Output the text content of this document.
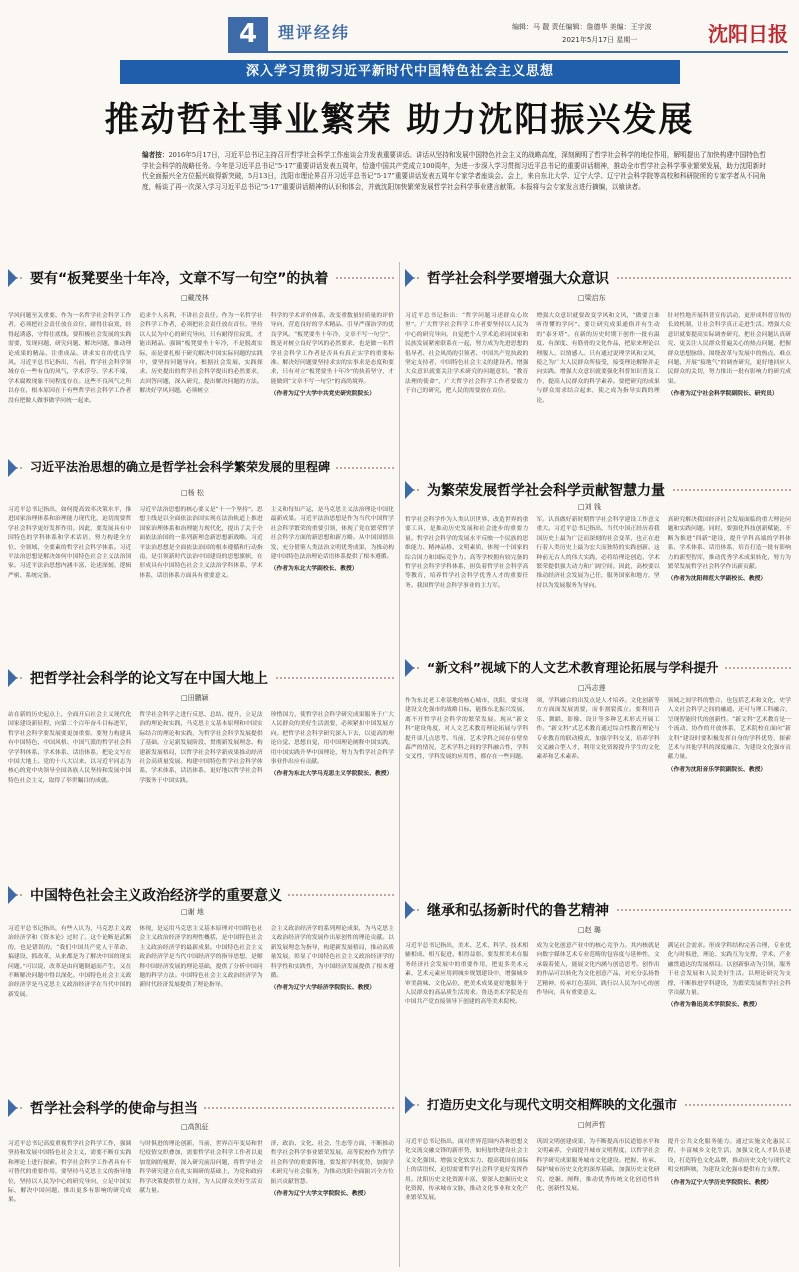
4	理评经纬	编辑：马 靓 责任编辑：詹德华 美编：王宇波
2021年5月17日 星期一	沈阳日报
深入学习贯彻习近平新时代中国特色社会主义思想
推动哲社事业繁荣 助力沈阳振兴发展
编者按：2016年5月17日，习近平总书记主持召开哲学社会科学工作座谈会并发表重要讲话。讲话从坚持和发展中国特色社会主义的战略高度，深刻阐明了哲学社会科学的地位作用，解明提出了加快构建中国特色哲学社会科学的战略任务。今年是习近平总书记“5·17”重要讲话发表五周年，恰逢中国共产党成立100周年，为进一步深入学习贯彻习近平总书记的重要讲话精神，推动全市哲学社会科学事业繁荣发展，助力沈阳新时代全面振兴全方位振兴取得新突破，5月13日，沈阳市理论界召开习近平总书记“5·17”重要讲话发表五周年专家学者座谈会。会上，来自东北大学、辽宁大学、辽宁社会科学院等高校和科研院所的专家学者从不同角度，畅谈了再一次深入学习习近平总书记“5·17”重要讲话精神的认识和体会，并就沈阳加快繁荣发展哲学社会科学事业建言献策。本报将与会专家发言进行摘编，以飨读者。
要有“板凳要坐十年冷，文章不写一句空”的执着
□戴茂林
学风问题至关重要。作为一名哲学社会科学工作者，必须把社会责任放在首位，耐得住寂寞，经得起诱惑，守得住底线。要积极社会发展的实践需要，发现问题、研究问题、解决问题，推动理论成果的精品、注重成品、讲求实在的优良学风。习近平总书记指出，当前，哲学社会科学领域存在一些有良的风气，学术浮夸、学术不端，学术腐败现象不同程度存在。这些不良风气之所以存在，根本原因在于有些哲学社会科学工作者没有把做人做事做学问统一起来。
追求个人名利，不讲社会责任。作为一名哲学社会科学工作者，必须把社会责任放在首位。坚持以人民为中心的研究导向，只有耐得住寂寞，才能出精品。强调“板凳要坐十年冷，不是脱离实际，而是要扎根于研究解决中国实际问题的实践中，要坚持问题导向。根据社会发展、实践探求、历史提出的哲学社会科学提出的必然要求，去回答问题，深入研究，提出解决问题的方法。解决好学风问题，必须树立
科学的学术评价体系，改变重数量轻质量的评价导向，营造良好的学术精品、引导严谨治学的优良学风。“板凳要坐十年冷，文章不写一句空”，既是对树立良好学风的必然要求，也是做一名哲学社会科学工作者是否具有真正实学的重要标准。解决好问题要坚持求实的实事求是态度和要求，只有对立“板凳要坐十年冷”的执着坚守，才能做到“文章不写一句空”的高尚境界。
（作者为辽宁大学中共党史研究院院长）
哲学社会科学要增强大众意识
□梁启东
习近平总书记指出：“哲学问题习述群众心坎里”。广大哲学社会科学工作者要坚持以人民为中心的研究导向，自觉把个人学术追求同国家和民族发展紧密联系在一起，努力成为先进思想的倡导者、社会风尚的引领者、中国共产党执政的坚定支持者，中国特色社会主义的建设者。增强大众意识就要关注学术研究的问题意识。“教育法理的使命”，广大哲学社会科学工作者要致力于自己的研究，把人民的需要放在首位。
增强大众意识就要改变学风和文风，“做要言谁听得懂的学问”。要让研究成果通俗并有生动的“泰牙塔”。在新的历史时期下创作一批有温度、有深度、有筋骨的文化作品，把原来理论以理服人、以情感人。只有通过说理学风和文风，使之为广大人民群众所接受，接受理论解释并走向实践。增强大众意识就要强化科普知识普及工作，提高人民群众的科学素养。要把研究的成果与群众需求结合起来，使之成为指导实践的理论。
针对性地开展科普宣传活动，更形成科普宣传的长效机制，让社会科学真正走进生活。增强大众意识就要提高实际调查研究，把社会问题认真研究、更关注人民群众普遍关心的热点问题，把握群众思想脉络。围绕改革与发展中的热点、难点问题，开展“接地气”的调查研究，更好地回应人民群众的关切，努力推出一批有影响力的研究成果。
（作者为辽宁社会科学院副院长、研究员）
习近平法治思想的确立是哲学社会科学繁荣发展的里程碑
□杨 松
习近平总书记指出，如何提高效率决策水平，推进国家治理体系和治理能力现代化，迫切需要哲学社会科学更好发挥作用。因此，要发展具有中国特色的学科体系和学术话语，努力构建全方位、全领域、全要素的哲学社会科学体系。习近平法治思想是解决如何中国特色社会主义法治国家。习近平法治思想内涵丰富、论述深刻、逻辑严密、系统完备。
习近平法治思想的核心要义是“十一个坚持”。思想主线是以全面依法治国实现在法治轨道上推进国家治理体系和治理能力现代化，提出了关于全面依法治国的一系列新理念新思想新战略。习近平法治思想是全面依法治国的根本遵循和行动指南，是引领新时代法治中国建设的思想旗帜，在形成具有中国特色社会主义法治学科体系，学术体系，话语体系方面具有重要意义。
主义和每知产运，是马克思主义法治理论中国化最新成果。习近平法治思想是作为当代中国哲学社会科学繁荣的重要引领，体现了党在繁荣哲学社会科学方面的新思想和新方略。从中国国情出发，充分借鉴人类法治文明优秀成果，为推动构建中国特色法治理论话语体系提供了根本遵循。
（作者为东北大学副校长、教授）
为繁荣发展哲学社会科学贡献智慧力量
□刘 钱
哲学社会科学作为人类认识世界、改造世界的重要工具，是推动历史发展和社会进步的重要力量。哲学社会科学的发展水平反映一个民族的思维能力、精神品格、文明素质，体现一个国家的综合国力和国际竞争力。高等学校拥有较完备的哲学社会科学学科体系，担负着哲学社会科学高等教育，培养哲学社会科学优秀人才的重要任务。我国哲学社会科学事业的主力军。
军。认真做好新时期哲学社会科学建设工作意义重大。习近平总书记指出，当代中国正经历着我国历史上最为广泛而深刻的社会变革，也正在进行着人类历史上最为宏大而独特的实践创新。这种前无古人的伟大实践，必将给理论创造、学术繁荣提供强大动力和广阔空间。因此，高校要以推动经济社会发展为己任，服务国家和地方，坚持以为发展服务为导向。
真研究解决我国经济社会发展面临的重大理论问题和实践问题。同时，要强化科技创新赋能，不断为推进“四新”建设，提升学科高端的学科体系、学术体系、话语体系，培育打造一批有影响力的新型智库，推动优秀学术成果转化，努力为繁荣发展哲学社会科学作出新贡献。
（作者为沈阳师范大学副校长、教授）
把哲学社会科学的论文写在中国大地上
□田鹏颖
站在新的历史起点上，全面开启社会主义现代化国家建设新征程，向第二个百年奋斗目标进军，哲学社会科学要发展要更加重要。要努力构建具有中国特色、中国风格、中国气派的哲学社会科学学科体系、学术体系、话语体系，把论文写在中国大地上。党的十八大以来，以习近平同志为核心的党中央领导全国各族人民坚持和发展中国特色社会主义，取得了举世瞩目的成就。
哲学社会科学之进行反思、总结、提升，立足法治的理论和实践，马克思主义基本原理和中国实际结合的理论和实践，为哲学社会科学发展提供了基础。立足新发展阶段、贯彻新发展理念、构建新发展格局，以哲学社会科学新成果推动经济社会高质量发展。构建中国特色哲学社会科学体系，学术体系，话语体系，更好地以哲学社会科学服务于中国实践。
珍惜国力，使哲学社会科学研究成果服务于广大人民群众的美好生活需要，必须紧扣中国发展方向。把哲学社会科学研究深入下去，以更高的理论自觉、思想自觉，用中国理论阐释中国实践，用中国实践升华中国理论，努力为哲学社会科学事业作出应有贡献。
（作者为东北大学马克思主义学院院长、教授）
“新文科”视域下的人文艺术教育理论拓展与学科提升
□冯志莲
作为东北老工业基地的核心城市，沈阳，要实现建设文化强市的战略目标，能推东北振兴发展，离不开哲学社会科学的繁荣发展。现从“新文科”建设角度，对人文艺术教育理论拓展与学科提升谈几点思考。当前，艺术学科之间存在壁垒森严的情况，艺术学科之间的学科融合性，学科交叉性，学科发展的应用性，都存在一些问题。
须，学科融合的出发点是人才培养。文化创新等方方面面发展需要，而非割裂孤立。要利用音乐、舞蹈、影像、设计等多种艺术形式开展工作。“新文科”式艺术教育通过综合性教育理论与专业教育的联动模式，加强学科交叉，培养学科交叉融合型人才，利用文化资源提升学生的文化素养和艺术素养。
领域之间学科的整合，也包括艺术和文化、史学人文社会科学之间的融通，还可与理工科融合，呈现智能时代的创新性。“新文科”艺术教育是一个流动、协作的开放体系，艺术院校在面向“新文科”建设时要积极发挥自身的学科优势，探索艺术与其他学科的深度融合，为建设文化强市贡献力量。
（作者为沈阳音乐学院副院长、教授）
中国特色社会主义政治经济学的重要意义
□谢 地
习近平总书记指出，有些人认为，马克思主义政治经济学和《资本论》过时了。这个论断是武断的，也是错误的。“我们中国共产党人干革命、搞建设、抓改革，从来都是为了解决中国的现实问题。”可以说，改革是由问题倒逼而产生，又在不断解决问题中得以深化。中国特色社会主义政治经济学是马克思主义政治经济学在当代中国的新发展。
体现，是运用马克思主义基本原理对中国特色社会主义政治经济学的理性概括，是中国特色社会主义政治经济学的最新成果。中国特色社会主义政治经济学是当代中国经济学的指导思想，是解释中国经济发展的理论基础，提供了分析中国问题的科学方法。中国特色社会主义政治经济学为新时代经济发展提供了理论指导。
会主义政治经济学的系列理论成果，为马克思主义政治经济学的发展作出原创性的理论贡献。以新发展理念为指导，构建新发展格局，推动高质量发展，彰显了中国特色社会主义政治经济学的科学性和实践性，为中国经济发展提供了根本遵循。
（作者为辽宁大学经济学院院长、教授）
继承和弘扬新时代的鲁艺精神
□赵 璐
习近平总书记指出，美术、艺术、科学、技术相辅相成、相互促进、相得益彰。要发挥美术在服务经济社会发展中的重要作用，把更多美术元素、艺术元素应用到城乡规划建设中，增强城乡审美韵味、文化品位，把美术成果更好地服务于人民群众的高品质生活需求。鲁迅美术学院是在中国共产党直接领导下创建的高等美术院校。
成为文化创意产业中的核心竞争力。其内核就是向数字媒体艺术专业范畴的包容度与延伸性，文承载着使人，能展文化内涵与创造思考。创作出的作品可以转化为文化创意产品，对充分弘扬鲁艺精神，传承红色基因，践行以人民为中心的创作导向，具有重要意义。
满足社会需求。形成学科结构完善合理，专业优化与时俱进，理论、实践互为支撑，学术、产业融贯通达的发展格局。以创新驱动为引领，服务于社会发展和人民美好生活。以理论研究为支撑，不断推进学科建设，为繁荣发展哲学社会科学贡献力量。
（作者为鲁迅美术学院院长、教授）
哲学社会科学的使命与担当
□高凯征
习近平总书记高度重视哲学社会科学工作，强调坚持和发展中国特色社会主义，需要不断在实践和理论上进行探索。哲学社会科学工作者具有不可替代的重要作用，要坚持马克思主义的指导地位，坚持以人民为中心的研究导向，立足中国实际，解决中国问题，推出更多有影响的研究成果。
与时俱进的理论创新，当前，世界百年变局和世纪疫情交织叠加，需要哲学社会科学工作者以更加宽阔的视野，深入研究前沿问题，将哲学社会科学研究建立在扎实调研的基础上，为党和政府科学决策提供智力支持，为人民群众美好生活贡献力量。
济、政治、文化、社会、生态等方面，不断推动哲学社会科学事业繁荣发展。高等院校作为哲学社会科学的重要阵地，要发挥学科优势，加强学术研究与社会服务，为推动沈阳全面振兴全方位振兴贡献智慧。
（作者为辽宁大学文学院院长、教授）
打造历史文化与现代文明交相辉映的文化强市
□何声哲
习近平总书记指出，面对世界范围内各种思想文化交流交融交锋的新形势，如何加快建设社会主义文化强国、增强文化软实力、提高我国在国际上的话语权，迫切需要哲学社会科学更好发挥作用。沈阳历史文化资源丰富，要深入挖掘历史文化资源，传承城市文脉，推动文化事业和文化产业繁荣发展。
巩固文明创建成果，为不断提高市民道德水平和文明素养，全面提升城市文明程度，以哲学社会科学研究成果服务城市文化建设。把握、传承、保护城市历史文化的深厚基础，加强历史文化研究、挖掘、阐释，推动优秀传统文化创造性转化、创新性发展。
提升公共文化服务能力。通过实施文化惠民工程，丰富城乡文化生活，加强文化人才队伍建设，打造特色文化品牌，推动历史文化与现代文明交相辉映，为建设文化强市提供有力支撑。
（作者为辽宁大学历史学院院长、教授）
